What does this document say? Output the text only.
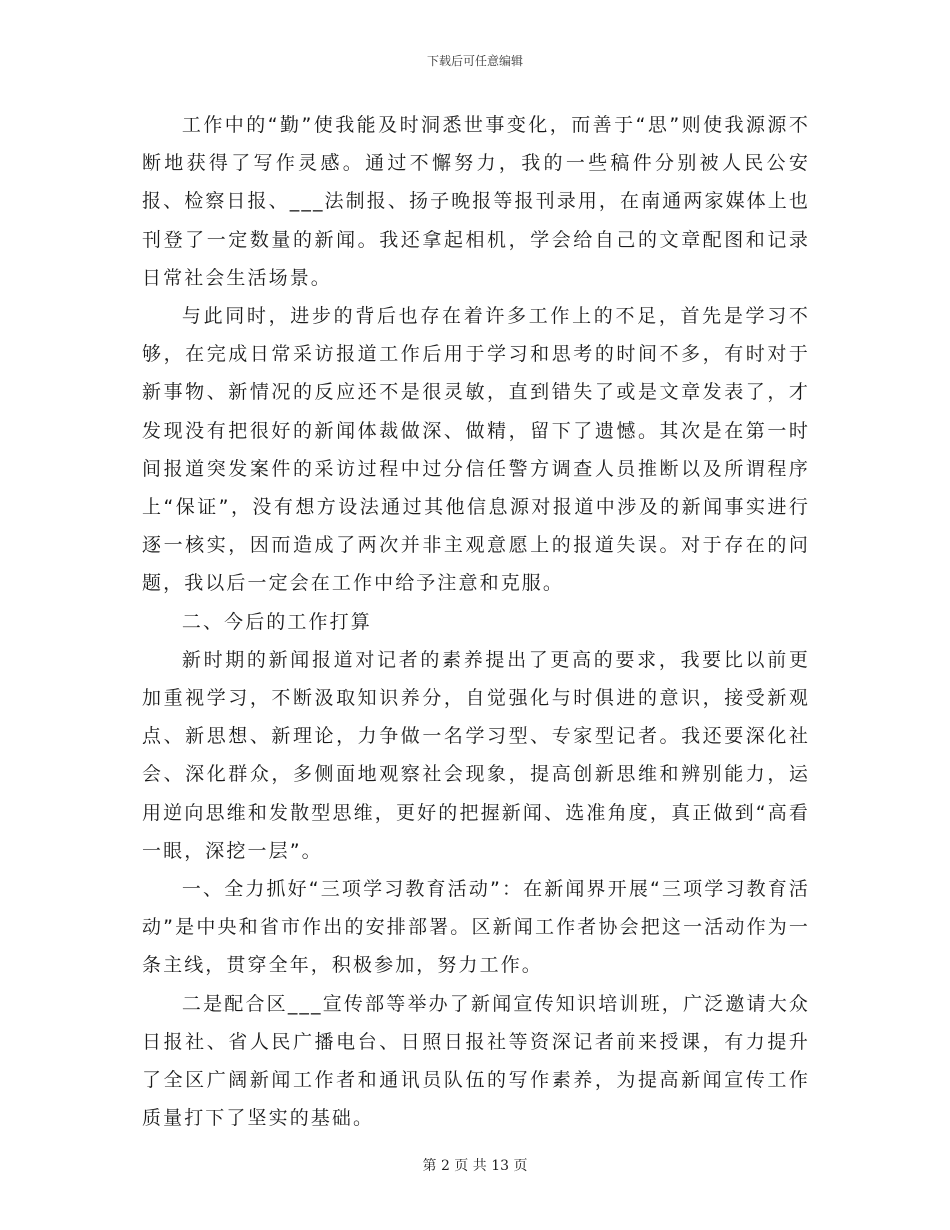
下载后可任意编辑

工作中的“勤”使我能及时洞悉世事变化，而善于“思”则使我源源不断地获得了写作灵感。通过不懈努力，我的一些稿件分别被人民公安报、检察日报、___法制报、扬子晚报等报刊录用，在南通两家媒体上也刊登了一定数量的新闻。我还拿起相机，学会给自己的文章配图和记录日常社会生活场景。

与此同时，进步的背后也存在着许多工作上的不足，首先是学习不够，在完成日常采访报道工作后用于学习和思考的时间不多，有时对于新事物、新情况的反应还不是很灵敏，直到错失了或是文章发表了，才发现没有把很好的新闻体裁做深、做精，留下了遗憾。其次是在第一时间报道突发案件的采访过程中过分信任警方调查人员推断以及所谓程序上“保证”，没有想方设法通过其他信息源对报道中涉及的新闻事实进行逐一核实，因而造成了两次并非主观意愿上的报道失误。对于存在的问题，我以后一定会在工作中给予注意和克服。

二、今后的工作打算

新时期的新闻报道对记者的素养提出了更高的要求，我要比以前更加重视学习，不断汲取知识养分，自觉强化与时俱进的意识，接受新观点、新思想、新理论，力争做一名学习型、专家型记者。我还要深化社会、深化群众，多侧面地观察社会现象，提高创新思维和辨别能力，运用逆向思维和发散型思维，更好的把握新闻、选准角度，真正做到“高看一眼，深挖一层”。

一、全力抓好“三项学习教育活动”：在新闻界开展“三项学习教育活动”是中央和省市作出的安排部署。区新闻工作者协会把这一活动作为一条主线，贯穿全年，积极参加，努力工作。

二是配合区___宣传部等举办了新闻宣传知识培训班，广泛邀请大众日报社、省人民广播电台、日照日报社等资深记者前来授课，有力提升了全区广阔新闻工作者和通讯员队伍的写作素养，为提高新闻宣传工作质量打下了坚实的基础。

第 2 页 共 13 页
